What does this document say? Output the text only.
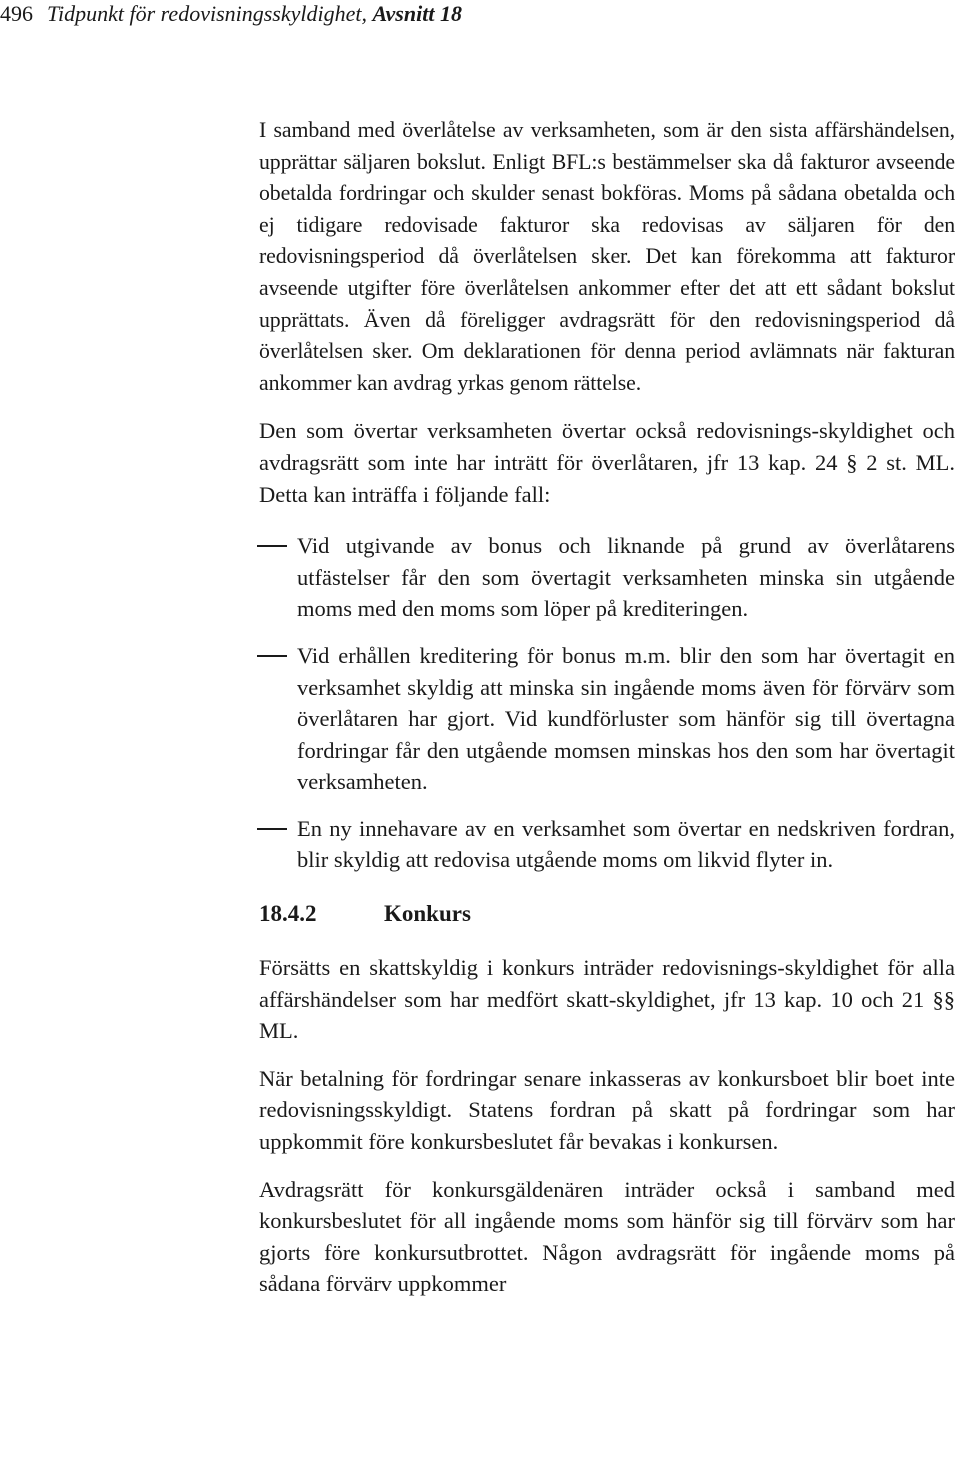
496 Tidpunkt för redovisningsskyldighet, Avsnitt 18

I samband med överlåtelse av verksamheten, som är den sista affärshändelsen, upprättar säljaren bokslut. Enligt BFL:s bestämmelser ska då fakturor avseende obetalda fordringar och skulder senast bokföras. Moms på sådana obetalda och ej tidigare redovisade fakturor ska redovisas av säljaren för den redovisningsperiod då överlåtelsen sker. Det kan förekomma att fakturor avseende utgifter före överlåtelsen ankommer efter det att ett sådant bokslut upprättats. Även då föreligger avdragsrätt för den redovisningsperiod då överlåtelsen sker. Om deklarationen för denna period avlämnats när fakturan ankommer kan avdrag yrkas genom rättelse.

Den som övertar verksamheten övertar också redovisnings-skyldighet och avdragsrätt som inte har inträtt för överlåtaren, jfr 13 kap. 24 § 2 st. ML. Detta kan inträffa i följande fall:

Vid utgivande av bonus och liknande på grund av överlåtarens utfästelser får den som övertagit verksamheten minska sin utgående moms med den moms som löper på krediteringen.
Vid erhållen kreditering för bonus m.m. blir den som har övertagit en verksamhet skyldig att minska sin ingående moms även för förvärv som överlåtaren har gjort. Vid kundförluster som hänför sig till övertagna fordringar får den utgående momsen minskas hos den som har övertagit verksamheten.
En ny innehavare av en verksamhet som övertar en nedskriven fordran, blir skyldig att redovisa utgående moms om likvid flyter in.
18.4.2	Konkurs

Försätts en skattskyldig i konkurs inträder redovisnings-skyldighet för alla affärshändelser som har medfört skatt-skyldighet, jfr 13 kap. 10 och 21 §§ ML.

När betalning för fordringar senare inkasseras av konkursboet blir boet inte redovisningsskyldigt. Statens fordran på skatt på fordringar som har uppkommit före konkursbeslutet får bevakas i konkursen.

Avdragsrätt för konkursgäldenären inträder också i samband med konkursbeslutet för all ingående moms som hänför sig till förvärv som har gjorts före konkursutbrottet. Någon avdragsrätt för ingående moms på sådana förvärv uppkommer
